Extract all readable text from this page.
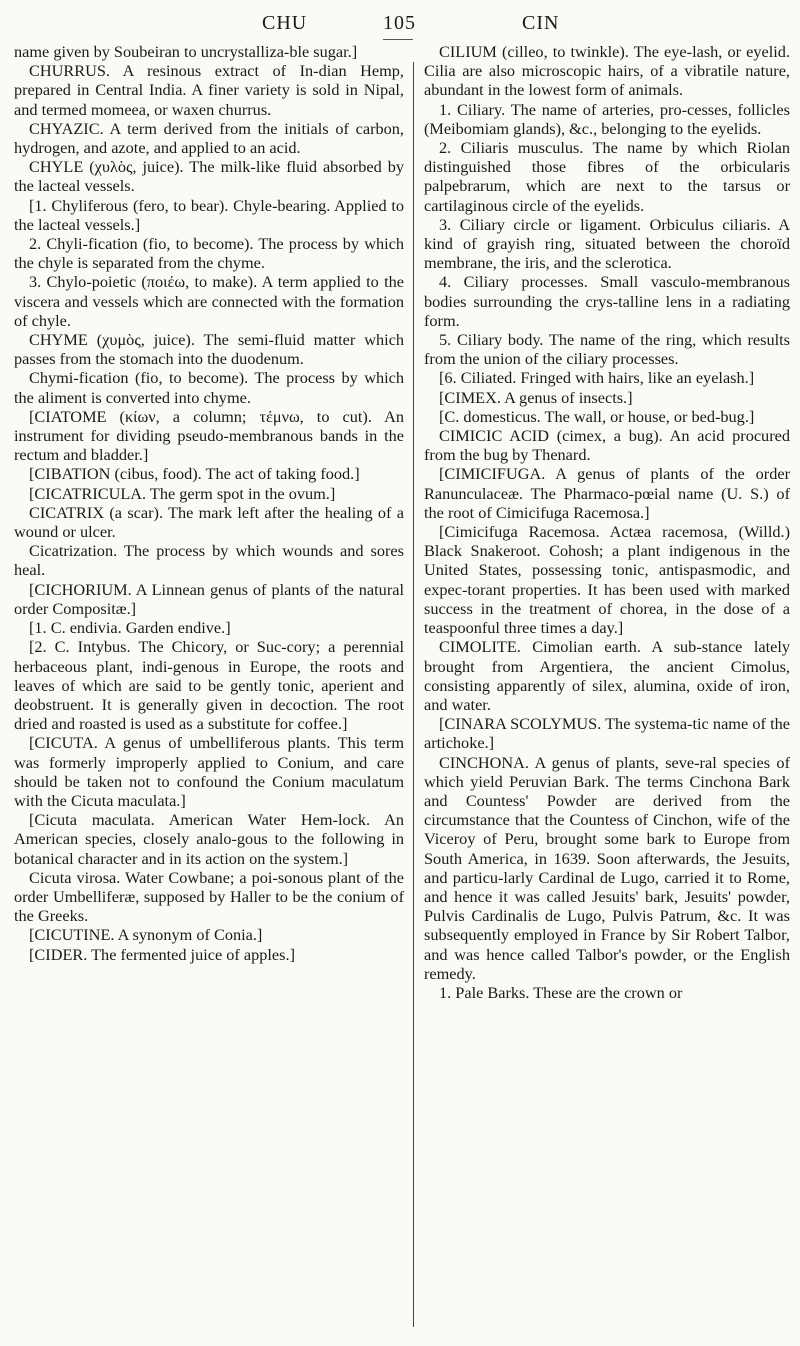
CHU	105	CIN

name given by Soubeiran to uncrystalliza-ble sugar.]

CHURRUS. A resinous extract of In-dian Hemp, prepared in Central India. A finer variety is sold in Nipal, and termed momeea, or waxen churrus.

CHYAZIC. A term derived from the initials of carbon, hydrogen, and azote, and applied to an acid.

CHYLE (χυλὸς, juice). The milk-like fluid absorbed by the lacteal vessels.

[1. Chyliferous (fero, to bear). Chyle-bearing. Applied to the lacteal vessels.]

2. Chyli-fication (fio, to become). The process by which the chyle is separated from the chyme.

3. Chylo-poietic (ποιέω, to make). A term applied to the viscera and vessels which are connected with the formation of chyle.

CHYME (χυμὸς, juice). The semi-fluid matter which passes from the stomach into the duodenum.

Chymi-fication (fio, to become). The process by which the aliment is converted into chyme.

[CIATOME (κίων, a column; τέμνω, to cut). An instrument for dividing pseudo-membranous bands in the rectum and bladder.]

[CIBATION (cibus, food). The act of taking food.]

[CICATRICULA. The germ spot in the ovum.]

CICATRIX (a scar). The mark left after the healing of a wound or ulcer.

Cicatrization. The process by which wounds and sores heal.

[CICHORIUM. A Linnean genus of plants of the natural order Compositæ.]

[1. C. endivia. Garden endive.]

[2. C. Intybus. The Chicory, or Suc-cory; a perennial herbaceous plant, indi-genous in Europe, the roots and leaves of which are said to be gently tonic, aperient and deobstruent. It is generally given in decoction. The root dried and roasted is used as a substitute for coffee.]

[CICUTA. A genus of umbelliferous plants. This term was formerly improperly applied to Conium, and care should be taken not to confound the Conium maculatum with the Cicuta maculata.]

[Cicuta maculata. American Water Hem-lock. An American species, closely analo-gous to the following in botanical character and in its action on the system.]

Cicuta virosa. Water Cowbane; a poi-sonous plant of the order Umbelliferæ, supposed by Haller to be the conium of the Greeks.

[CICUTINE. A synonym of Conia.]

[CIDER. The fermented juice of apples.]

CILIUM (cilleo, to twinkle). The eye-lash, or eyelid. Cilia are also microscopic hairs, of a vibratile nature, abundant in the lowest form of animals.

1. Ciliary. The name of arteries, pro-cesses, follicles (Meibomiam glands), &c., belonging to the eyelids.

2. Ciliaris musculus. The name by which Riolan distinguished those fibres of the orbicularis palpebrarum, which are next to the tarsus or cartilaginous circle of the eyelids.

3. Ciliary circle or ligament. Orbiculus ciliaris. A kind of grayish ring, situated between the choroïd membrane, the iris, and the sclerotica.

4. Ciliary processes. Small vasculo-membranous bodies surrounding the crys-talline lens in a radiating form.

5. Ciliary body. The name of the ring, which results from the union of the ciliary processes.

[6. Ciliated. Fringed with hairs, like an eyelash.]

[CIMEX. A genus of insects.]

[C. domesticus. The wall, or house, or bed-bug.]

CIMICIC ACID (cimex, a bug). An acid procured from the bug by Thenard.

[CIMICIFUGA. A genus of plants of the order Ranunculaceæ. The Pharmaco-pœial name (U. S.) of the root of Cimicifuga Racemosa.]

[Cimicifuga Racemosa. Actæa racemosa, (Willd.) Black Snakeroot. Cohosh; a plant indigenous in the United States, possessing tonic, antispasmodic, and expec-torant properties. It has been used with marked success in the treatment of chorea, in the dose of a teaspoonful three times a day.]

CIMOLITE. Cimolian earth. A sub-stance lately brought from Argentiera, the ancient Cimolus, consisting apparently of silex, alumina, oxide of iron, and water.

[CINARA SCOLYMUS. The systema-tic name of the artichoke.]

CINCHONA. A genus of plants, seve-ral species of which yield Peruvian Bark. The terms Cinchona Bark and Countess' Powder are derived from the circumstance that the Countess of Cinchon, wife of the Viceroy of Peru, brought some bark to Europe from South America, in 1639. Soon afterwards, the Jesuits, and particu-larly Cardinal de Lugo, carried it to Rome, and hence it was called Jesuits' bark, Jesuits' powder, Pulvis Cardinalis de Lugo, Pulvis Patrum, &c. It was subsequently employed in France by Sir Robert Talbor, and was hence called Talbor's powder, or the English remedy.

1. Pale Barks. These are the crown or
